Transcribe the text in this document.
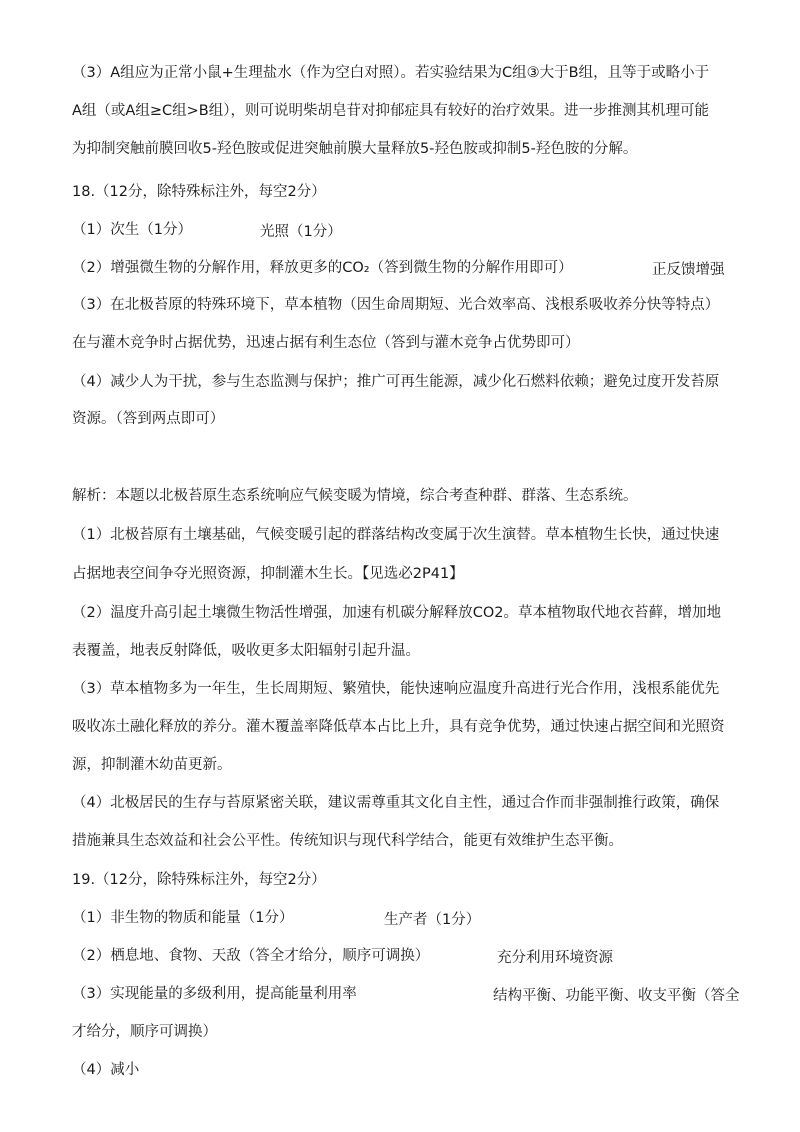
（3）A组应为正常小鼠+生理盐水（作为空白对照）。若实验结果为C组③大于B组，且等于或略小于
A组（或A组≥C组>B组），则可说明柴胡皂苷对抑郁症具有较好的治疗效果。进一步推测其机理可能
为抑制突触前膜回收5-羟色胺或促进突触前膜大量释放5-羟色胺或抑制5-羟色胺的分解。
18.（12分，除特殊标注外，每空2分）
（1）次生（1分）	光照（1分）
（2）增强微生物的分解作用，释放更多的CO₂（答到微生物的分解作用即可）	正反馈增强
（3）在北极苔原的特殊环境下，草本植物（因生命周期短、光合效率高、浅根系吸收养分快等特点）
在与灌木竞争时占据优势，迅速占据有利生态位（答到与灌木竞争占优势即可）
（4）减少人为干扰，参与生态监测与保护；推广可再生能源，减少化石燃料依赖；避免过度开发苔原
资源。（答到两点即可）
解析：本题以北极苔原生态系统响应气候变暖为情境，综合考查种群、群落、生态系统。
（1）北极苔原有土壤基础，气候变暖引起的群落结构改变属于次生演替。草本植物生长快，通过快速
占据地表空间争夺光照资源，抑制灌木生长。【见选必2P41】
（2）温度升高引起土壤微生物活性增强，加速有机碳分解释放CO2。草本植物取代地衣苔藓，增加地
表覆盖，地表反射降低，吸收更多太阳辐射引起升温。
（3）草本植物多为一年生，生长周期短、繁殖快，能快速响应温度升高进行光合作用，浅根系能优先
吸收冻土融化释放的养分。灌木覆盖率降低草本占比上升，具有竞争优势，通过快速占据空间和光照资
源，抑制灌木幼苗更新。
（4）北极居民的生存与苔原紧密关联，建议需尊重其文化自主性，通过合作而非强制推行政策，确保
措施兼具生态效益和社会公平性。传统知识与现代科学结合，能更有效维护生态平衡。
19.（12分，除特殊标注外，每空2分）
（1）非生物的物质和能量（1分）	生产者（1分）
（2）栖息地、食物、天敌（答全才给分，顺序可调换）	充分利用环境资源
（3）实现能量的多级利用，提高能量利用率	结构平衡、功能平衡、收支平衡（答全
才给分，顺序可调换）
（4）减小
